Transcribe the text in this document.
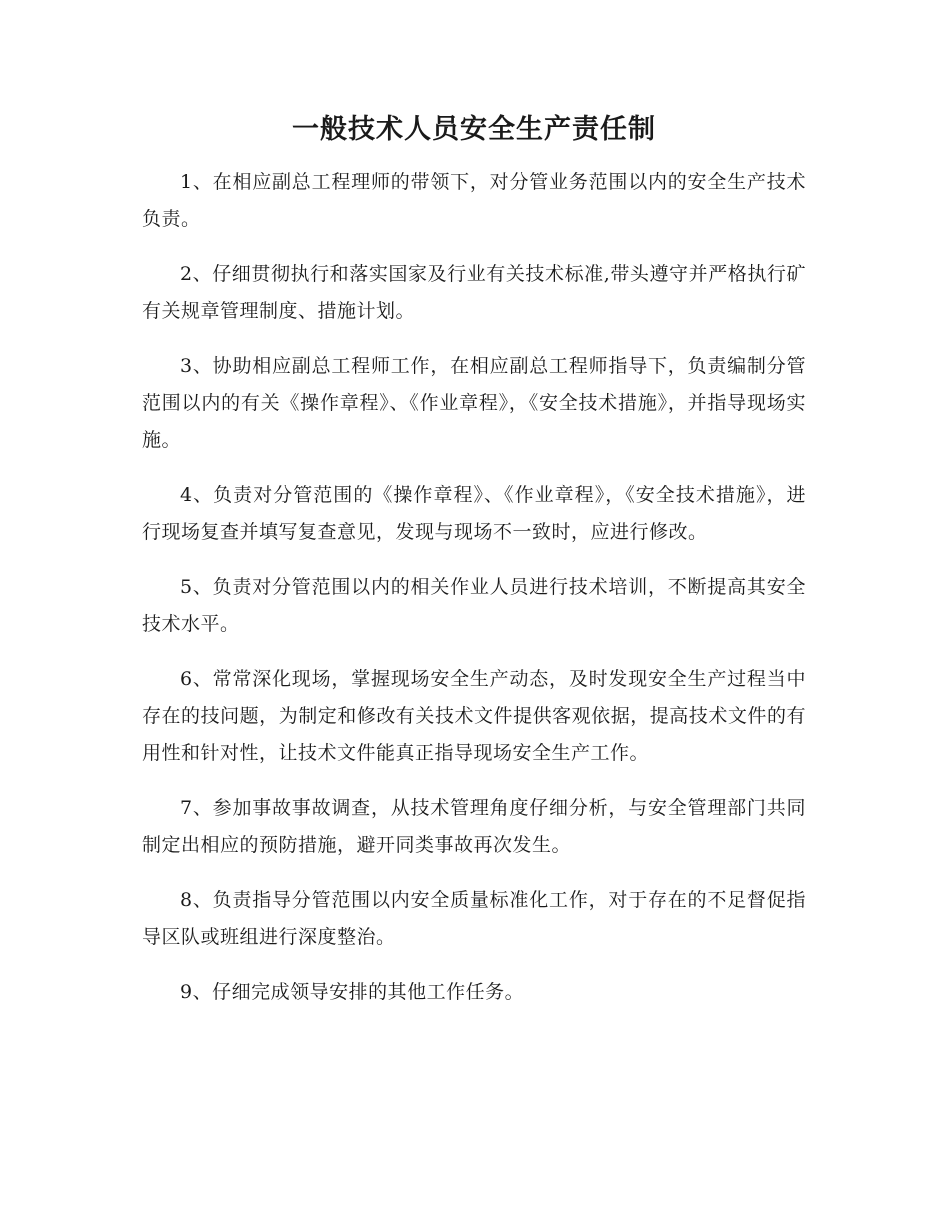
一般技术人员安全生产责任制

1、在相应副总工程理师的带领下，对分管业务范围以内的安全生产技术负责。

2、仔细贯彻执行和落实国家及行业有关技术标准,带头遵守并严格执行矿有关规章管理制度、措施计划。

3、协助相应副总工程师工作，在相应副总工程师指导下，负责编制分管范围以内的有关《操作章程》、《作业章程》，《安全技术措施》，并指导现场实施。

4、负责对分管范围的《操作章程》、《作业章程》，《安全技术措施》，进行现场复查并填写复查意见，发现与现场不一致时，应进行修改。

5、负责对分管范围以内的相关作业人员进行技术培训，不断提高其安全技术水平。

6、常常深化现场，掌握现场安全生产动态，及时发现安全生产过程当中存在的技问题，为制定和修改有关技术文件提供客观依据，提高技术文件的有用性和针对性，让技术文件能真正指导现场安全生产工作。

7、参加事故事故调查，从技术管理角度仔细分析，与安全管理部门共同制定出相应的预防措施，避开同类事故再次发生。

8、负责指导分管范围以内安全质量标准化工作，对于存在的不足督促指导区队或班组进行深度整治。

9、仔细完成领导安排的其他工作任务。
